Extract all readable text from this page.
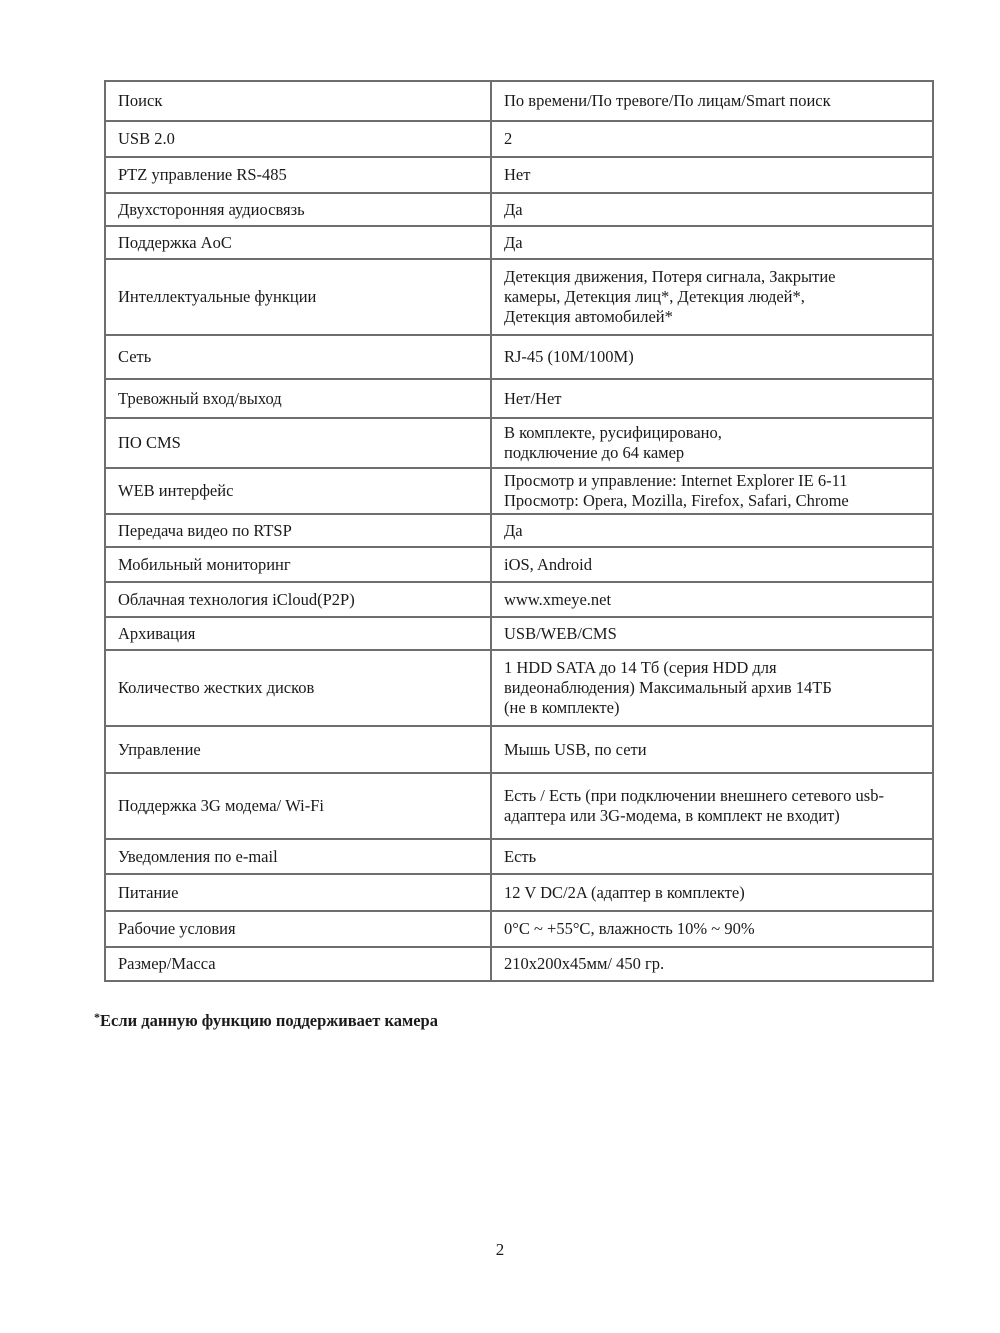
Поиск	По времени/По тревоге/По лицам/Smart поиск

USB 2.0	2

PTZ управление RS-485	Нет

Двухсторонняя аудиосвязь	Да

Поддержка AoC	Да

Интеллектуальные функции	Детекция движения, Потеря сигнала, Закрытие
камеры, Детекция лиц*, Детекция людей*,
Детекция автомобилей*

Сеть	RJ-45 (10M/100M)

Тревожный вход/выход	Нет/Нет

ПО CMS	В комплекте, русифицировано,
подключение до 64 камер

WEB интерфейс	Просмотр и управление: Internet Explorer IE 6-11
Просмотр: Opera, Mozilla, Firefox, Safari, Chrome

Передача видео по RTSP	Да

Мобильный мониторинг	iOS, Android

Облачная технология iCloud(P2P)	www.xmeye.net

Архивация	USB/WEB/CMS

Количество жестких дисков	1 HDD SATA до 14 Тб (серия HDD для
видеонаблюдения) Максимальный архив 14ТБ
(не в комплекте)

Управление	Мышь USB, по сети

Поддержка 3G модема/ Wi-Fi	Есть / Есть (при подключении внешнего сетевого usb-
адаптера или 3G-модема, в комплект не входит)

Уведомления по e-mail	Есть

Питание	12 V DC/2A (адаптер в комплекте)

Рабочие условия	0°C ~ +55°C, влажность 10% ~ 90%

Размер/Масса	210x200x45мм/ 450 гр.
*Если данную функцию поддерживает камера
2
